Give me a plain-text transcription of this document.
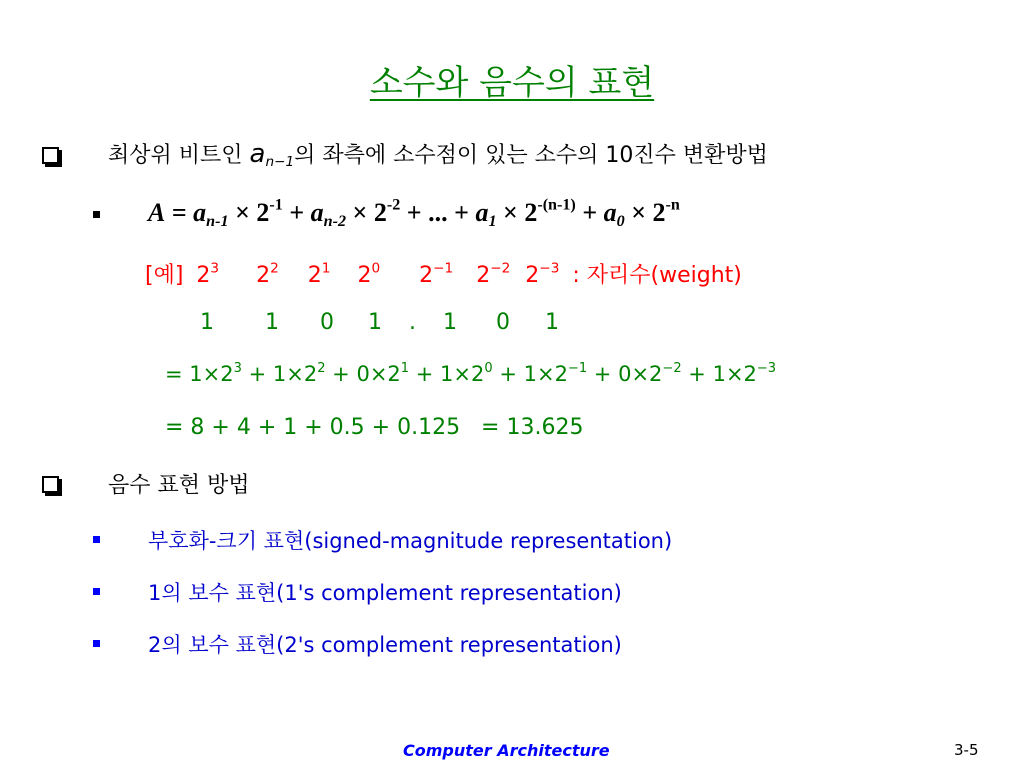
소수와 음수의 표현
최상위 비트인 $a_{n-1}$의 좌측에 소수점이 있는 소수의 10진수 변환방법
$A = a_{n-1} \times 2^{-1} + a_{n-2} \times 2^{-2}$ + ... + $a_1 \times 2^{-(n-1)} + a_0 \times 2^{-n}$
[예] $2^3$ $2^2$ $2^1$ $2^0$ $2^{-1}$ $2^{-2}$ $2^{-3}$ : 자리수(weight)
1 1 0 1 . 1 0 1
= $1\times 2^3 + 1\times 2^2 + 0\times 2^1 + 1\times 2^0 + 1\times 2^{-1} + 0\times 2^{-2} + 1\times 2^{-3}$
= 8 + 4 + 1 + 0.5 + 0.125   = 13.625
음수 표현 방법
부호화-크기 표현(signed-magnitude representation)
1의 보수 표현(1's complement representation)
2의 보수 표현(2's complement representation)
Computer Architecture	3-5
